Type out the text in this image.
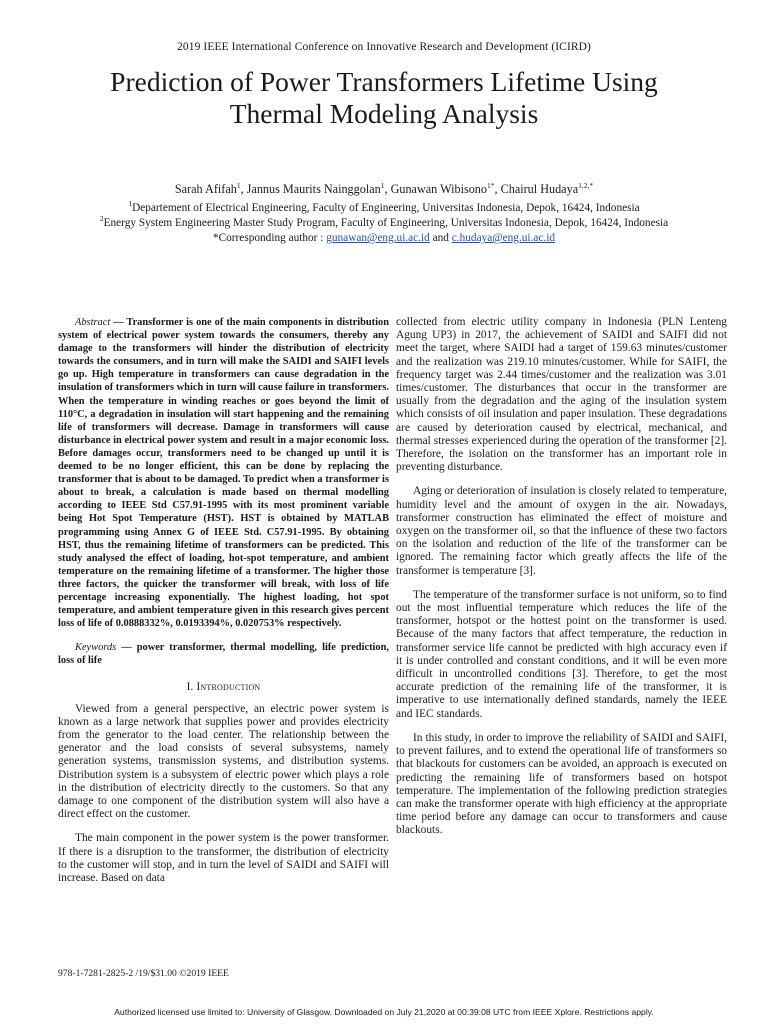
2019 IEEE International Conference on Innovative Research and Development (ICIRD)
Prediction of Power Transformers Lifetime Using
Thermal Modeling Analysis
Sarah Afifah$^1$, Jannus Maurits Nainggolan$^1$, Gunawan Wibisono$^{1*}$, Chairul Hudaya$^{1,2,*}$
$^1$Departement of Electrical Engineering, Faculty of Engineering, Universitas Indonesia, Depok, 16424, Indonesia
$^2$Energy System Engineering Master Study Program, Faculty of Engineering, Universitas Indonesia, Depok, 16424, Indonesia
*Corresponding author : gunawan@eng.ui.ac.id and c.hudaya@eng.ui.ac.id

Abstract — Transformer is one of the main components in distribution system of electrical power system towards the consumers, thereby any damage to the transformers will hinder the distribution of electricity towards the consumers, and in turn will make the SAIDI and SAIFI levels go up. High temperature in transformers can cause degradation in the insulation of transformers which in turn will cause failure in transformers. When the temperature in winding reaches or goes beyond the limit of 110°C, a degradation in insulation will start happening and the remaining life of transformers will decrease. Damage in transformers will cause disturbance in electrical power system and result in a major economic loss. Before damages occur, transformers need to be changed up until it is deemed to be no longer efficient, this can be done by replacing the transformer that is about to be damaged. To predict when a transformer is about to break, a calculation is made based on thermal modelling according to IEEE Std C57.91-1995 with its most prominent variable being Hot Spot Temperature (HST). HST is obtained by MATLAB programming using Annex G of IEEE Std. C57.91-1995. By obtaining HST, thus the remaining lifetime of transformers can be predicted. This study analysed the effect of loading, hot-spot temperature, and ambient temperature on the remaining lifetime of a transformer. The higher those three factors, the quicker the transformer will break, with loss of life percentage increasing exponentially. The highest loading, hot spot temperature, and ambient temperature given in this research gives percent loss of life of 0.0888332%, 0.0193394%, 0.020753% respectively.

Keywords — power transformer, thermal modelling, life prediction, loss of life

I. Introduction

Viewed from a general perspective, an electric power system is known as a large network that supplies power and provides electricity from the generator to the load center. The relationship between the generator and the load consists of several subsystems, namely generation systems, transmission systems, and distribution systems. Distribution system is a subsystem of electric power which plays a role in the distribution of electricity directly to the customers. So that any damage to one component of the distribution system will also have a direct effect on the customer.

The main component in the power system is the power transformer. If there is a disruption to the transformer, the distribution of electricity to the customer will stop, and in turn the level of SAIDI and SAIFI will increase. Based on data

collected from electric utility company in Indonesia (PLN Lenteng Agung UP3) in 2017, the achievement of SAIDI and SAIFI did not meet the target, where SAIDI had a target of 159.63 minutes/customer and the realization was 219.10 minutes/customer. While for SAIFI, the frequency target was 2.44 times/customer and the realization was 3.01 times/customer. The disturbances that occur in the transformer are usually from the degradation and the aging of the insulation system which consists of oil insulation and paper insulation. These degradations are caused by deterioration caused by electrical, mechanical, and thermal stresses experienced during the operation of the transformer [2]. Therefore, the isolation on the transformer has an important role in preventing disturbance.

Aging or deterioration of insulation is closely related to temperature, humidity level and the amount of oxygen in the air. Nowadays, transformer construction has eliminated the effect of moisture and oxygen on the transformer oil, so that the influence of these two factors on the isolation and reduction of the life of the transformer can be ignored. The remaining factor which greatly affects the life of the transformer is temperature [3].

The temperature of the transformer surface is not uniform, so to find out the most influential temperature which reduces the life of the transformer, hotspot or the hottest point on the transformer is used. Because of the many factors that affect temperature, the reduction in transformer service life cannot be predicted with high accuracy even if it is under controlled and constant conditions, and it will be even more difficult in uncontrolled conditions [3]. Therefore, to get the most accurate prediction of the remaining life of the transformer, it is imperative to use internationally defined standards, namely the IEEE and IEC standards.

In this study, in order to improve the reliability of SAIDI and SAIFI, to prevent failures, and to extend the operational life of transformers so that blackouts for customers can be avoided, an approach is executed on predicting the remaining life of transformers based on hotspot temperature. The implementation of the following prediction strategies can make the transformer operate with high efficiency at the appropriate time period before any damage can occur to transformers and cause blackouts.

978-1-7281-2825-2 /19/$31.00 ©2019 IEEE
Authorized licensed use limited to: University of Glasgow. Downloaded on July 21,2020 at 00:39:08 UTC from IEEE Xplore. Restrictions apply.
